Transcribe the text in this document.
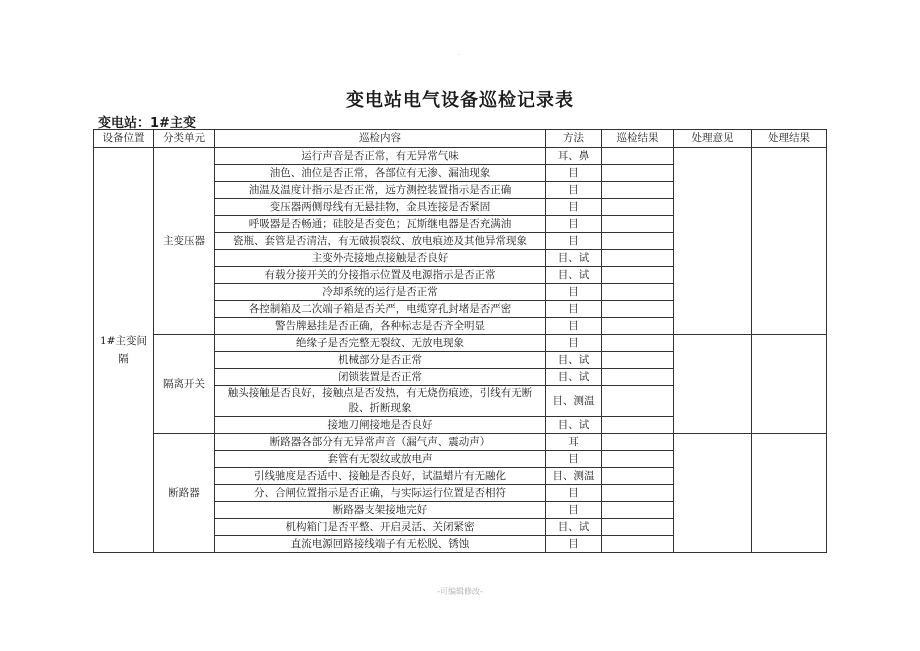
.
变电站电气设备巡检记录表
变电站：1#主变
设备位置	分类单元	巡检内容	方法	巡检结果	处理意见	处理结果
1#主变间隔	主变压器	运行声音是否正常，有无异常气味	耳、鼻			
		油色、油位是否正常，各部位有无渗、漏油现象	目			
		油温及温度计指示是否正常，远方测控装置指示是否正确	目			
		变压器两侧母线有无悬挂物，金具连接是否紧固	目			
		呼吸器是否畅通；硅胶是否变色；瓦斯继电器是否充满油	目			
		瓷瓶、套管是否清洁，有无破损裂纹、放电痕迹及其他异常现象	目			
		主变外壳接地点接触是否良好	目、试			
		有载分接开关的分接指示位置及电源指示是否正常	目、试			
		冷却系统的运行是否正常	目			
		各控制箱及二次端子箱是否关严，电缆穿孔封堵是否严密	目			
		警告牌悬挂是否正确，各种标志是否齐全明显	目			
	隔离开关	绝缘子是否完整无裂纹、无放电现象	目			
		机械部分是否正常	目、试			
		闭锁装置是否正常	目、试			
		触头接触是否良好，接触点是否发热，有无烧伤痕迹，引线有无断股、折断现象	目、测温			
		接地刀闸接地是否良好	目、试			
	断路器	断路器各部分有无异常声音（漏气声、震动声）	耳			
		套管有无裂纹或放电声	目			
		引线驰度是否适中、接触是否良好，试温蜡片有无融化	目、测温			
		分、合闸位置指示是否正确，与实际运行位置是否相符	目			
		断路器支架接地完好	目			
		机构箱门是否平整、开启灵活、关闭紧密	目、试			
		直流电源回路接线端子有无松脱、锈蚀	目			
-可编辑修改-
